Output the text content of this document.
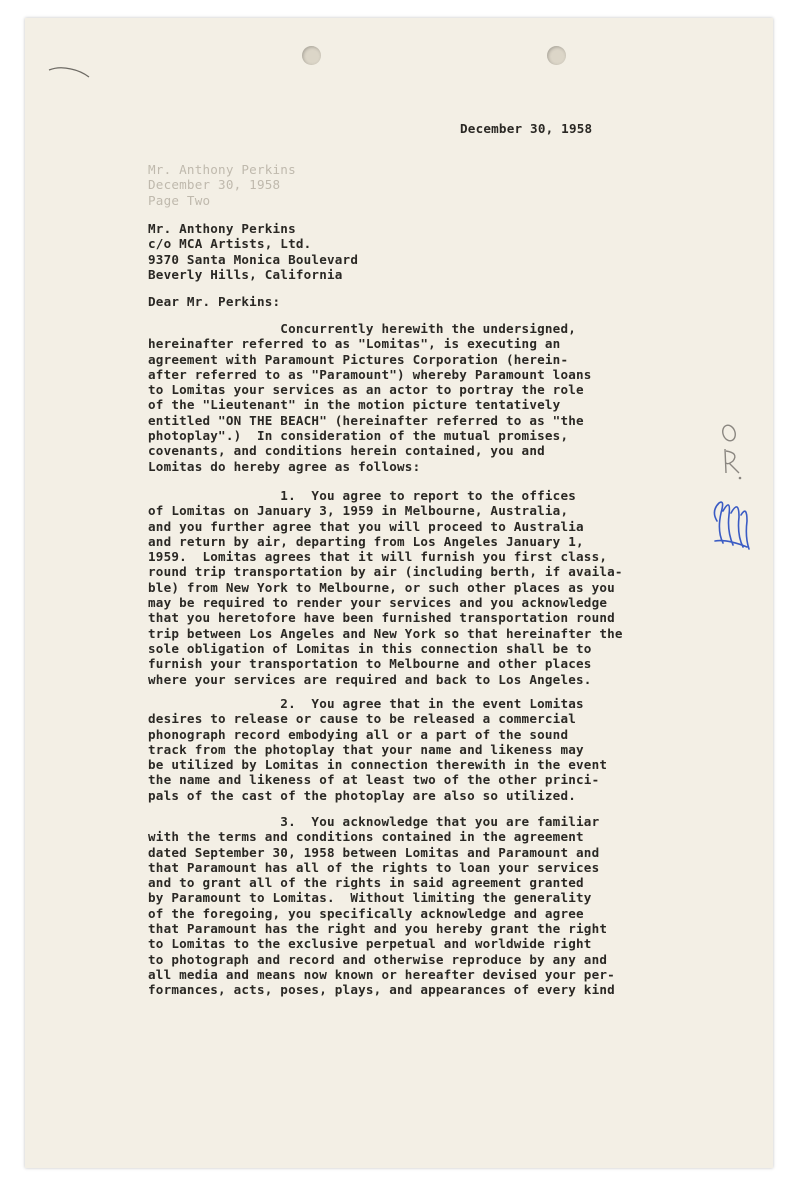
Mr. Anthony Perkins
December 30, 1958
Page Two
December 30, 1958
Mr. Anthony Perkins
c/o MCA Artists, Ltd.
9370 Santa Monica Boulevard
Beverly Hills, California
Dear Mr. Perkins:
Concurrently herewith the undersigned,
hereinafter referred to as "Lomitas", is executing an
agreement with Paramount Pictures Corporation (herein-
after referred to as "Paramount") whereby Paramount loans
to Lomitas your services as an actor to portray the role
of the "Lieutenant" in the motion picture tentatively
entitled "ON THE BEACH" (hereinafter referred to as "the
photoplay".)  In consideration of the mutual promises,
covenants, and conditions herein contained, you and
Lomitas do hereby agree as follows:
1.  You agree to report to the offices
of Lomitas on January 3, 1959 in Melbourne, Australia,
and you further agree that you will proceed to Australia
and return by air, departing from Los Angeles January 1,
1959.  Lomitas agrees that it will furnish you first class,
round trip transportation by air (including berth, if availa-
ble) from New York to Melbourne, or such other places as you
may be required to render your services and you acknowledge
that you heretofore have been furnished transportation round
trip between Los Angeles and New York so that hereinafter the
sole obligation of Lomitas in this connection shall be to
furnish your transportation to Melbourne and other places
where your services are required and back to Los Angeles.
2.  You agree that in the event Lomitas
desires to release or cause to be released a commercial
phonograph record embodying all or a part of the sound
track from the photoplay that your name and likeness may
be utilized by Lomitas in connection therewith in the event
the name and likeness of at least two of the other princi-
pals of the cast of the photoplay are also so utilized.
3.  You acknowledge that you are familiar
with the terms and conditions contained in the agreement
dated September 30, 1958 between Lomitas and Paramount and
that Paramount has all of the rights to loan your services
and to grant all of the rights in said agreement granted
by Paramount to Lomitas.  Without limiting the generality
of the foregoing, you specifically acknowledge and agree
that Paramount has the right and you hereby grant the right
to Lomitas to the exclusive perpetual and worldwide right
to photograph and record and otherwise reproduce by any and
all media and means now known or hereafter devised your per-
formances, acts, poses, plays, and appearances of every kind
